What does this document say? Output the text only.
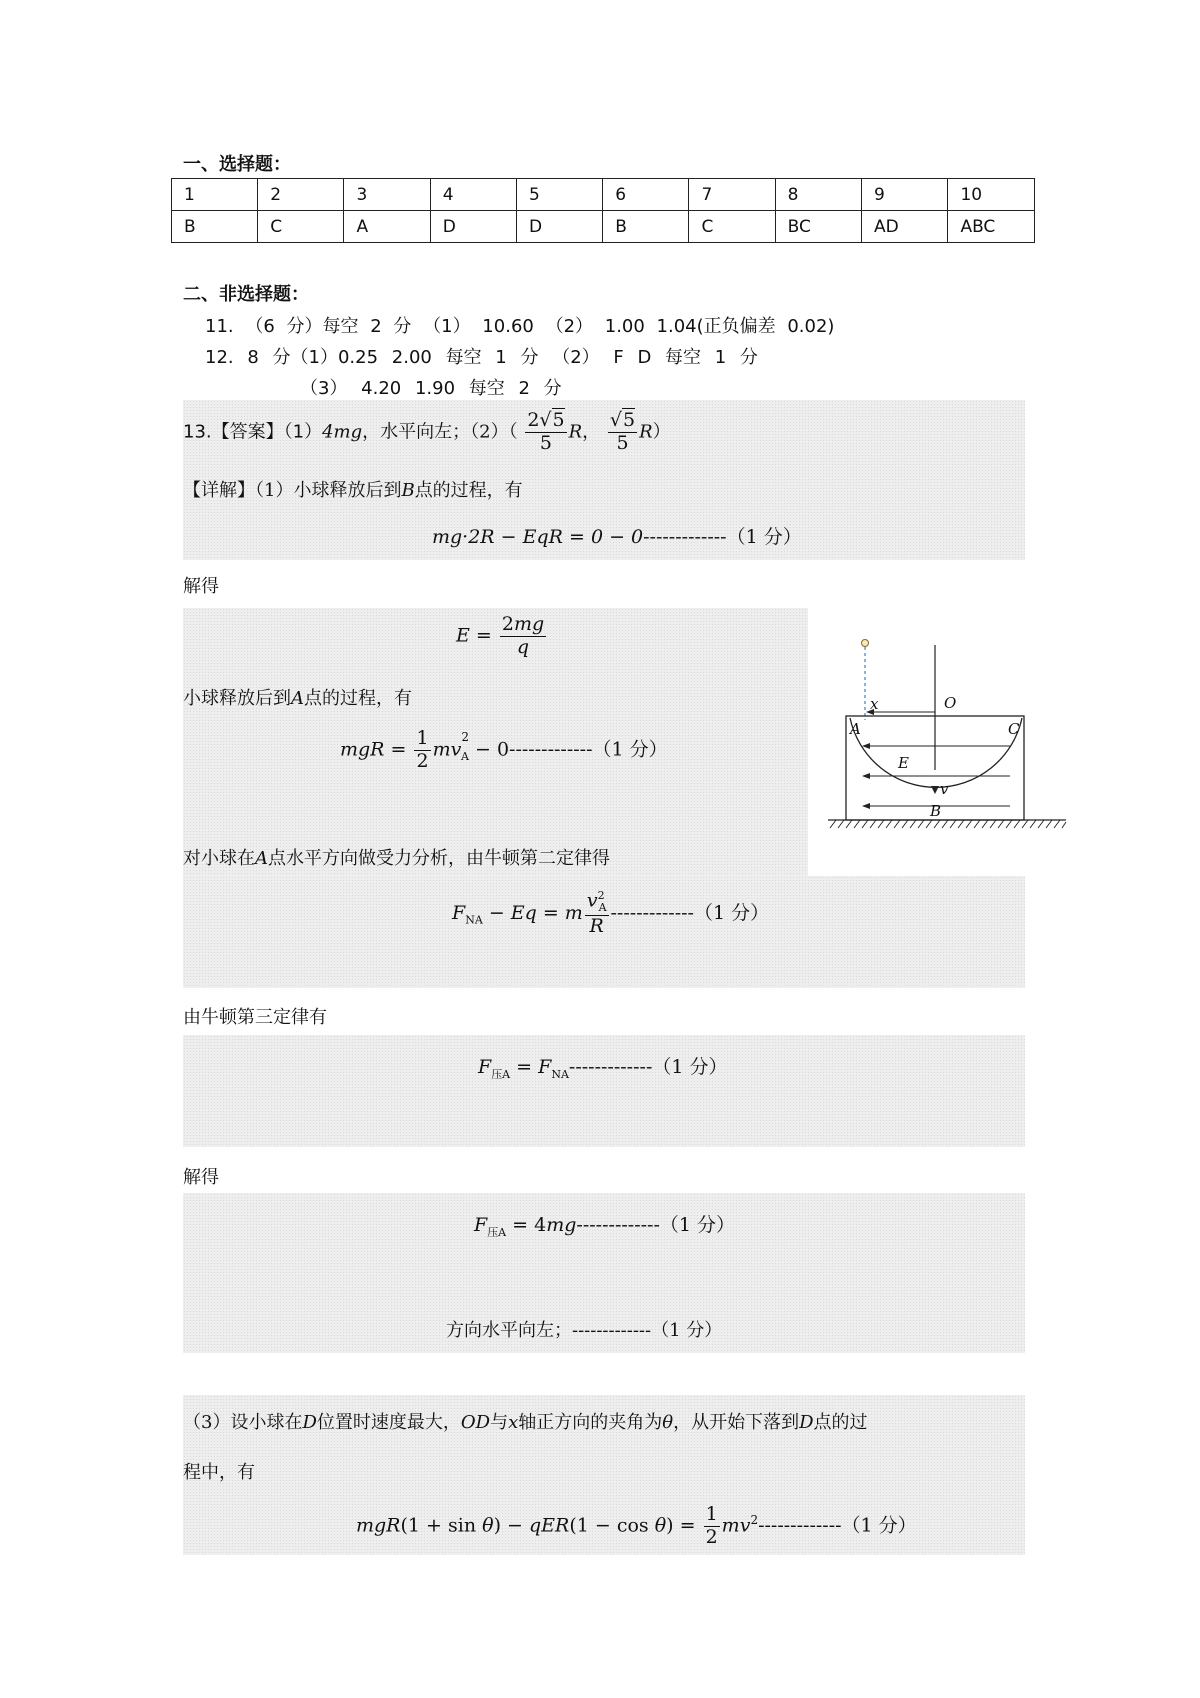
一、选择题：
1	2	3	4	5	6	7	8	9	10
B	C	A	D	D	B	C	BC	AD	ABC
二、非选择题：
11. （6 分）每空 2 分 （1） 10.60 （2） 1.00 1.04(正负偏差 0.02)
12. 8 分（1）0.25 2.00 每空 1 分 （2） F D 每空 1 分
（3） 4.20 1.90 每空 2 分
13.【答案】（1）4mg，水平向左；$(2)( \frac{2√5}{5}$ R， $\frac{√5}{5} R$）
【详解】（1）小球释放后到B点的过程，有
mg·2R − EqR = 0 − 0-------------（1 分）
解得
$E = \frac{2mg}{q}$
小球释放后到A点的过程，有
mgR = $\frac{1}{2} mv_{^2A} - 0-------------(1$ 分）
对小球在A点水平方向做受力分析，由牛顿第二定律得
$F_{NA} - Eq = m \frac{v^2_A}{R} -------------(1$ 分）
由牛顿第三定律有
$F_{压A} = F_{NA}-------------(1$ 分）
解得
$F_{压A} = 4mg-------------(1$ 分）
方向水平向左；-------------（1 分）
（3）设小球在D位置时速度最大，OD与x轴正方向的夹角为θ，从开始下落到D点的过
程中，有
$mgR(1 + \sin \theta) - qER(1 - \cos \theta) = \frac{1}{2} mv^2-------------(1$ 分）
x	O
A	C
E
v
B
